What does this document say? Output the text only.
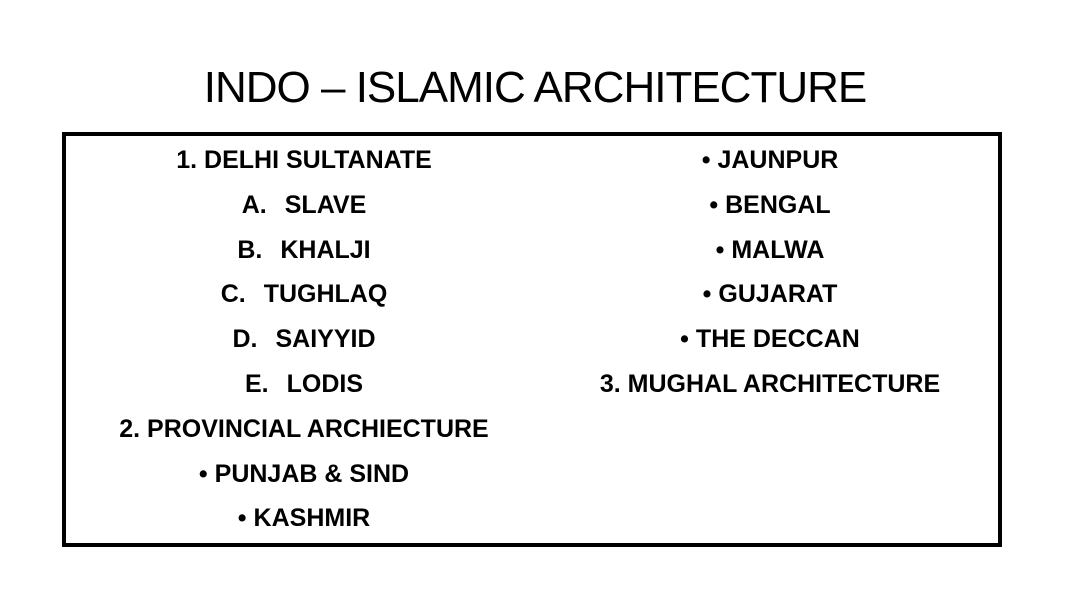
INDO – ISLAMIC ARCHITECTURE
1. DELHI SULTANATE
A. SLAVE
B. KHALJI
C. TUGHLAQ
D. SAIYYID
E. LODIS
2. PROVINCIAL ARCHIECTURE
• PUNJAB & SIND
• KASHMIR
• JAUNPUR
• BENGAL
• MALWA
• GUJARAT
• THE DECCAN
3. MUGHAL ARCHITECTURE
